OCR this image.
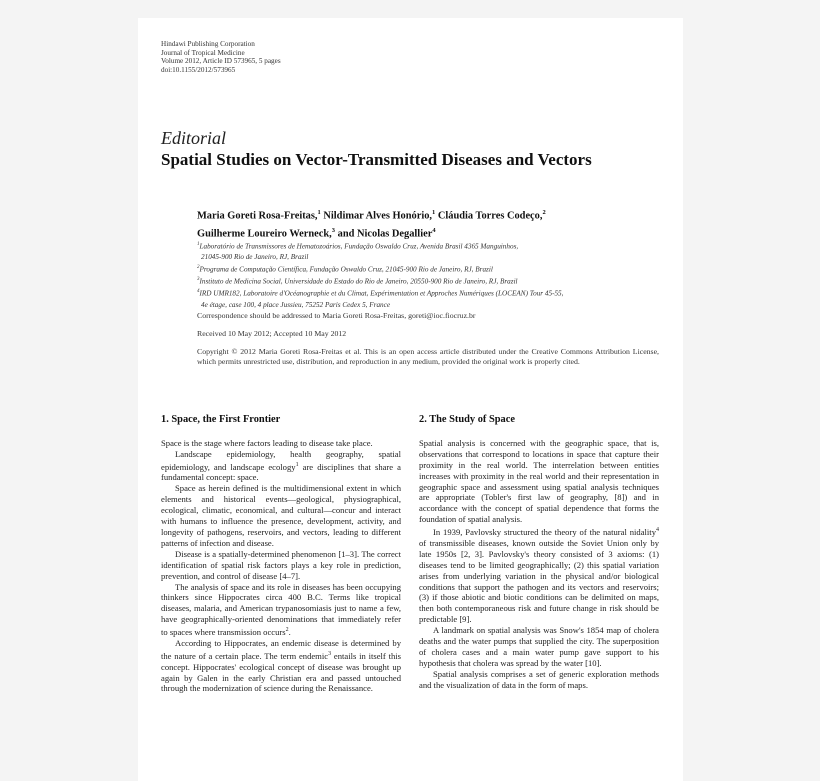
Hindawi Publishing Corporation
Journal of Tropical Medicine
Volume 2012, Article ID 573965, 5 pages
doi:10.1155/2012/573965
Editorial
Spatial Studies on Vector-Transmitted Diseases and Vectors
Maria Goreti Rosa-Freitas,$^1$ Nildimar Alves Honório,$^1$ Cláudia Torres Codeço,$^2$
Guilherme Loureiro Werneck,$^3$ and Nicolas Degallier$^4$
$^1$Laboratório de Transmissores de Hematozoários, Fundação Oswaldo Cruz, Avenida Brasil 4365 Manguinhos,
21045-900 Rio de Janeiro, RJ, Brazil
$^2$Programa de Computação Científica, Fundação Oswaldo Cruz, 21045-900 Rio de Janeiro, RJ, Brazil
$^3$Instituto de Medicina Social, Universidade do Estado do Rio de Janeiro, 20550-900 Rio de Janeiro, RJ, Brazil
$^4$IRD UMR182, Laboratoire d'Océanographie et du Climat, Expérimentation et Approches Numériques (LOCEAN) Tour 45-55,
4e étage, case 100, 4 place Jussieu, 75252 Paris Cedex 5, France
Correspondence should be addressed to Maria Goreti Rosa-Freitas, goreti@ioc.fiocruz.br
Received 10 May 2012; Accepted 10 May 2012
Copyright © 2012 Maria Goreti Rosa-Freitas et al. This is an open access article distributed under the Creative Commons Attribution License, which permits unrestricted use, distribution, and reproduction in any medium, provided the original work is properly cited.
1. Space, the First Frontier

Space is the stage where factors leading to disease take place.

Landscape epidemiology, health geography, spatial epidemiology, and landscape ecology$^1$ are disciplines that share a fundamental concept: space.

Space as herein defined is the multidimensional extent in which elements and historical events—geological, physiographical, ecological, climatic, economical, and cultural—concur and interact with humans to influence the presence, development, activity, and longevity of pathogens, reservoirs, and vectors, leading to different patterns of infection and disease.

Disease is a spatially-determined phenomenon [1–3]. The correct identification of spatial risk factors plays a key role in prediction, prevention, and control of disease [4–7].

The analysis of space and its role in diseases has been occupying thinkers since Hippocrates circa 400 B.C. Terms like tropical diseases, malaria, and American trypanosomiasis just to name a few, have geographically-oriented denominations that immediately refer to spaces where transmission occurs$^2$.

According to Hippocrates, an endemic disease is determined by the nature of a certain place. The term endemic$^3$ entails in itself this concept. Hippocrates' ecological concept of disease was brought up again by Galen in the early Christian era and passed untouched through the modernization of science during the Renaissance.

2. The Study of Space

Spatial analysis is concerned with the geographic space, that is, observations that correspond to locations in space that capture their proximity in the real world. The interrelation between entities increases with proximity in the real world and their representation in geographic space and assessment using spatial analysis techniques are appropriate (Tobler's first law of geography, [8]) and in accordance with the concept of spatial dependence that forms the foundation of spatial analysis.

In 1939, Pavlovsky structured the theory of the natural nidality$^4$ of transmissible diseases, known outside the Soviet Union only by late 1950s [2, 3]. Pavlovsky's theory consisted of 3 axioms: (1) diseases tend to be limited geographically; (2) this spatial variation arises from underlying variation in the physical and/or biological conditions that support the pathogen and its vectors and reservoirs; (3) if those abiotic and biotic conditions can be delimited on maps, then both contemporaneous risk and future change in risk should be predictable [9].

A landmark on spatial analysis was Snow's 1854 map of cholera deaths and the water pumps that supplied the city. The superposition of cholera cases and a main water pump gave support to his hypothesis that cholera was spread by the water [10].

Spatial analysis comprises a set of generic exploration methods and the visualization of data in the form of maps.
